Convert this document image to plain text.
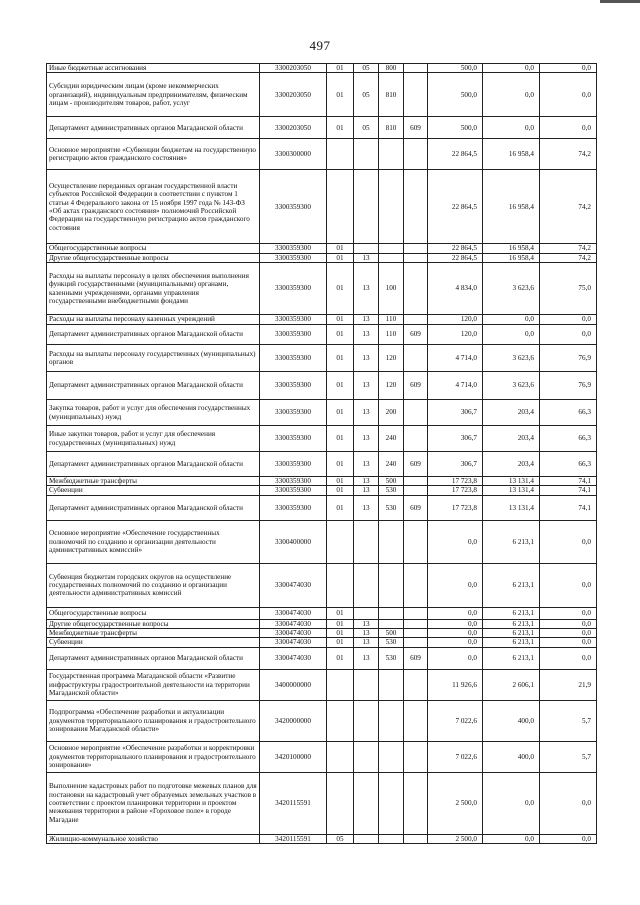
497
Иные бюджетные ассигнования	3300203050	01	05	800		500,0	0,0	0,0
Субсидии юридическим лицам (кроме некоммерческих организаций), индивидуальным предпринимателям, физическим лицам - производителям товаров, работ, услуг	3300203050	01	05	810		500,0	0,0	0,0
Департамент административных органов Магаданской области	3300203050	01	05	810	609	500,0	0,0	0,0
Основное мероприятие «Субвенции бюджетам на государственную регистрацию актов гражданского состояния»	3300300000					22 864,5	16 958,4	74,2
Осуществление переданных органам государственной власти субъектов Российской Федерации в соответствии с пунктом 1 статьи 4 Федерального закона от 15 ноября 1997 года № 143-ФЗ «Об актах гражданского состояния» полномочий Российской Федерации на государственную регистрацию актов гражданского состояния	3300359300					22 864,5	16 958,4	74,2
Общегосударственные вопросы	3300359300	01				22 864,5	16 958,4	74,2
Другие общегосударственные вопросы	3300359300	01	13			22 864,5	16 958,4	74,2
Расходы на выплаты персоналу в целях обеспечения выполнения функций государственными (муниципальными) органами, казенными учреждениями, органами управления государственными внебюджетными фондами	3300359300	01	13	100		4 834,0	3 623,6	75,0
Расходы на выплаты персоналу казенных учреждений	3300359300	01	13	110		120,0	0,0	0,0
Департамент административных органов Магаданской области	3300359300	01	13	110	609	120,0	0,0	0,0
Расходы на выплаты персоналу государственных (муниципальных) органов	3300359300	01	13	120		4 714,0	3 623,6	76,9
Департамент административных органов Магаданской области	3300359300	01	13	120	609	4 714,0	3 623,6	76,9
Закупка товаров, работ и услуг для обеспечения государственных (муниципальных) нужд	3300359300	01	13	200		306,7	203,4	66,3
Иные закупки товаров, работ и услуг для обеспечения государственных (муниципальных) нужд	3300359300	01	13	240		306,7	203,4	66,3
Департамент административных органов Магаданской области	3300359300	01	13	240	609	306,7	203,4	66,3
Межбюджетные трансферты	3300359300	01	13	500		17 723,8	13 131,4	74,1
Субвенции	3300359300	01	13	530		17 723,8	13 131,4	74,1
Департамент административных органов Магаданской области	3300359300	01	13	530	609	17 723,8	13 131,4	74,1
Основное мероприятие «Обеспечение государственных полномочий по созданию и организации деятельности административных комиссий»	3300400000					0,0	6 213,1	0,0
Субвенция бюджетам городских округов на осуществление государственных полномочий по созданию и организации деятельности административных комиссий	3300474030					0,0	6 213,1	0,0
Общегосударственные вопросы	3300474030	01				0,0	6 213,1	0,0
Другие общегосударственные вопросы	3300474030	01	13			0,0	6 213,1	0,0
Межбюджетные трансферты	3300474030	01	13	500		0,0	6 213,1	0,0
Субвенции	3300474030	01	13	530		0,0	6 213,1	0,0
Департамент административных органов Магаданской области	3300474030	01	13	530	609	0,0	6 213,1	0,0
Государственная программа Магаданской области «Развитие инфраструктуры градостроительной деятельности на территории Магаданской области»	3400000000					11 926,6	2 606,1	21,9
Подпрограмма «Обеспечение разработки и актуализации документов территориального планирования и градостроительного зонирования Магаданской области»	3420000000					7 022,6	400,0	5,7
Основное мероприятие «Обеспечение разработки и корректировки документов территориального планирования и градостроительного зонирования»	3420100000					7 022,6	400,0	5,7
Выполнение кадастровых работ по подготовке межевых планов для постановки на кадастровый учет образуемых земельных участков в соответствии с проектом планировки территории и проектом межевания территории в районе «Гороховое поле» в городе Магадане	3420115591					2 500,0	0,0	0,0
Жилищно-коммунальное хозяйство	3420115591	05				2 500,0	0,0	0,0
